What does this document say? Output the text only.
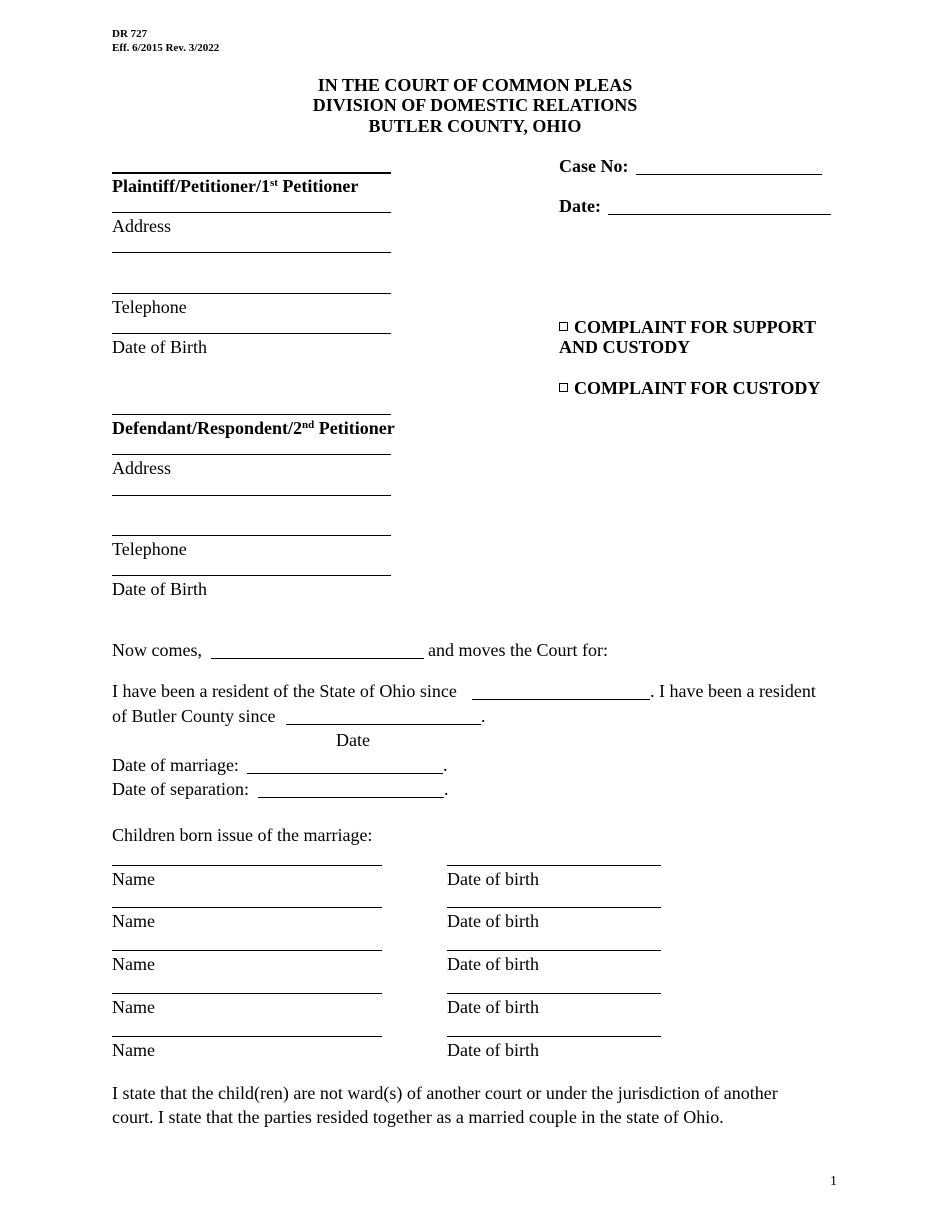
DR 727
Eff. 6/2015 Rev. 3/2022
IN THE COURT OF COMMON PLEAS
DIVISION OF DOMESTIC RELATIONS
BUTLER COUNTY, OHIO
Plaintiff/Petitioner/1st Petitioner
Address
Telephone
Date of Birth
Defendant/Respondent/2nd Petitioner
Address
Telephone
Date of Birth
Case No:
Date:
COMPLAINT FOR SUPPORT
AND CUSTODY
COMPLAINT FOR CUSTODY
Now comes,	and moves the Court for:
I have been a resident of the State of Ohio since	. I have been a resident
of Butler County since	.
Date
Date of marriage:	.
Date of separation:	.
Children born issue of the marriage:
Name	Date of birth
Name	Date of birth
Name	Date of birth
Name	Date of birth
Name	Date of birth
I state that the child(ren) are not ward(s) of another court or under the jurisdiction of another
court. I state that the parties resided together as a married couple in the state of Ohio.
1
